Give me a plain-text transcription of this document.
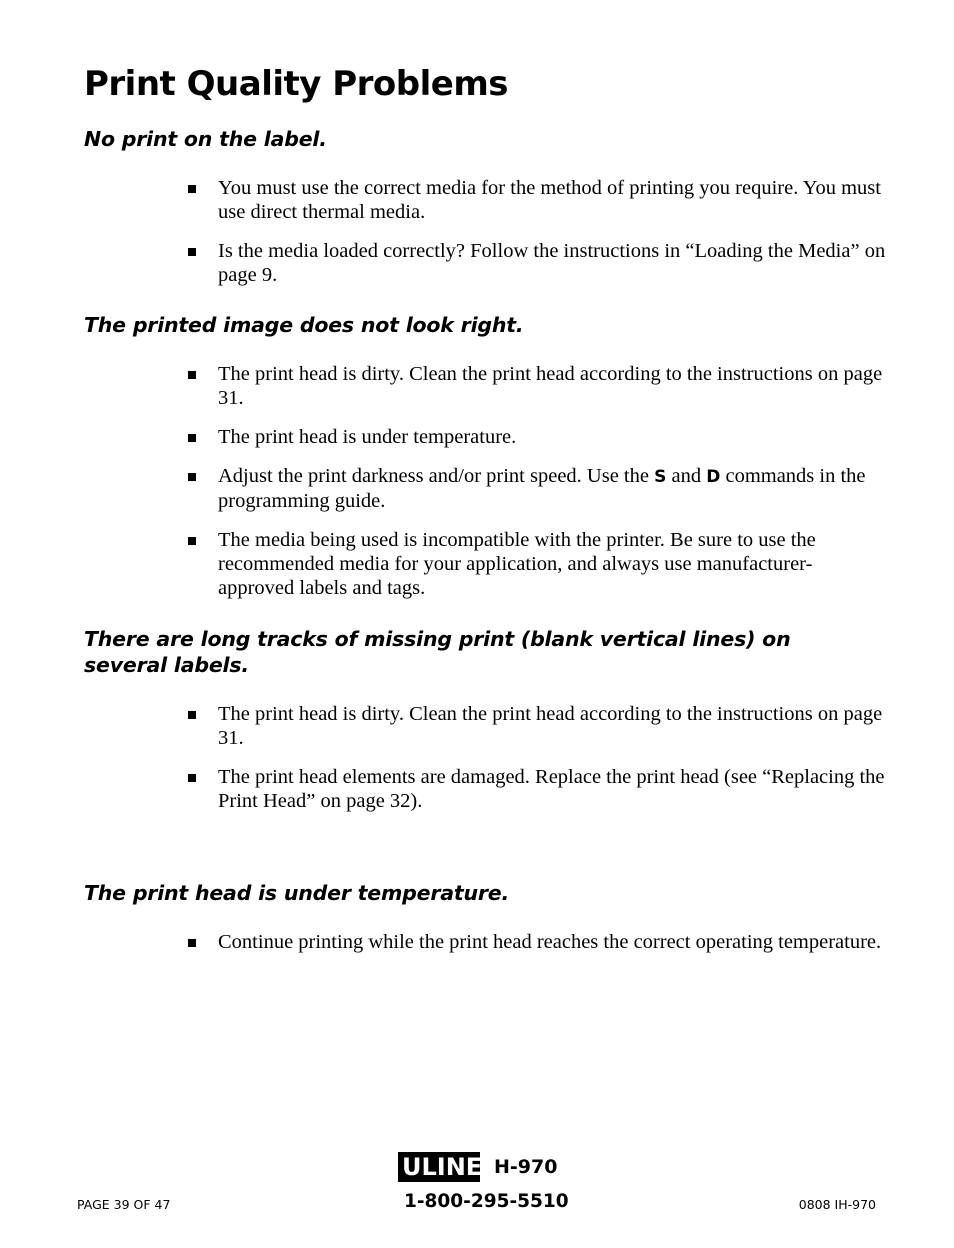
Print Quality Problems
No print on the label.
You must use the correct media for the method of printing you require. You must use direct thermal media.
Is the media loaded correctly? Follow the instructions in “Loading the Media” on page 9.
The printed image does not look right.
The print head is dirty. Clean the print head according to the instructions on page 31.
The print head is under temperature.
Adjust the print darkness and/or print speed. Use the S and D commands in the programming guide.
The media being used is incompatible with the printer. Be sure to use the recommended media for your application, and always use manufacturer-approved labels and tags.
There are long tracks of missing print (blank vertical lines) on several labels.
The print head is dirty. Clean the print head according to the instructions on page 31.
The print head elements are damaged. Replace the print head (see “Replacing the Print Head” on page 32).
The print head is under temperature.
Continue printing while the print head reaches the correct operating temperature.
ULINE H-970
1-800-295-5510
PAGE 39 OF 47	0808 IH-970
